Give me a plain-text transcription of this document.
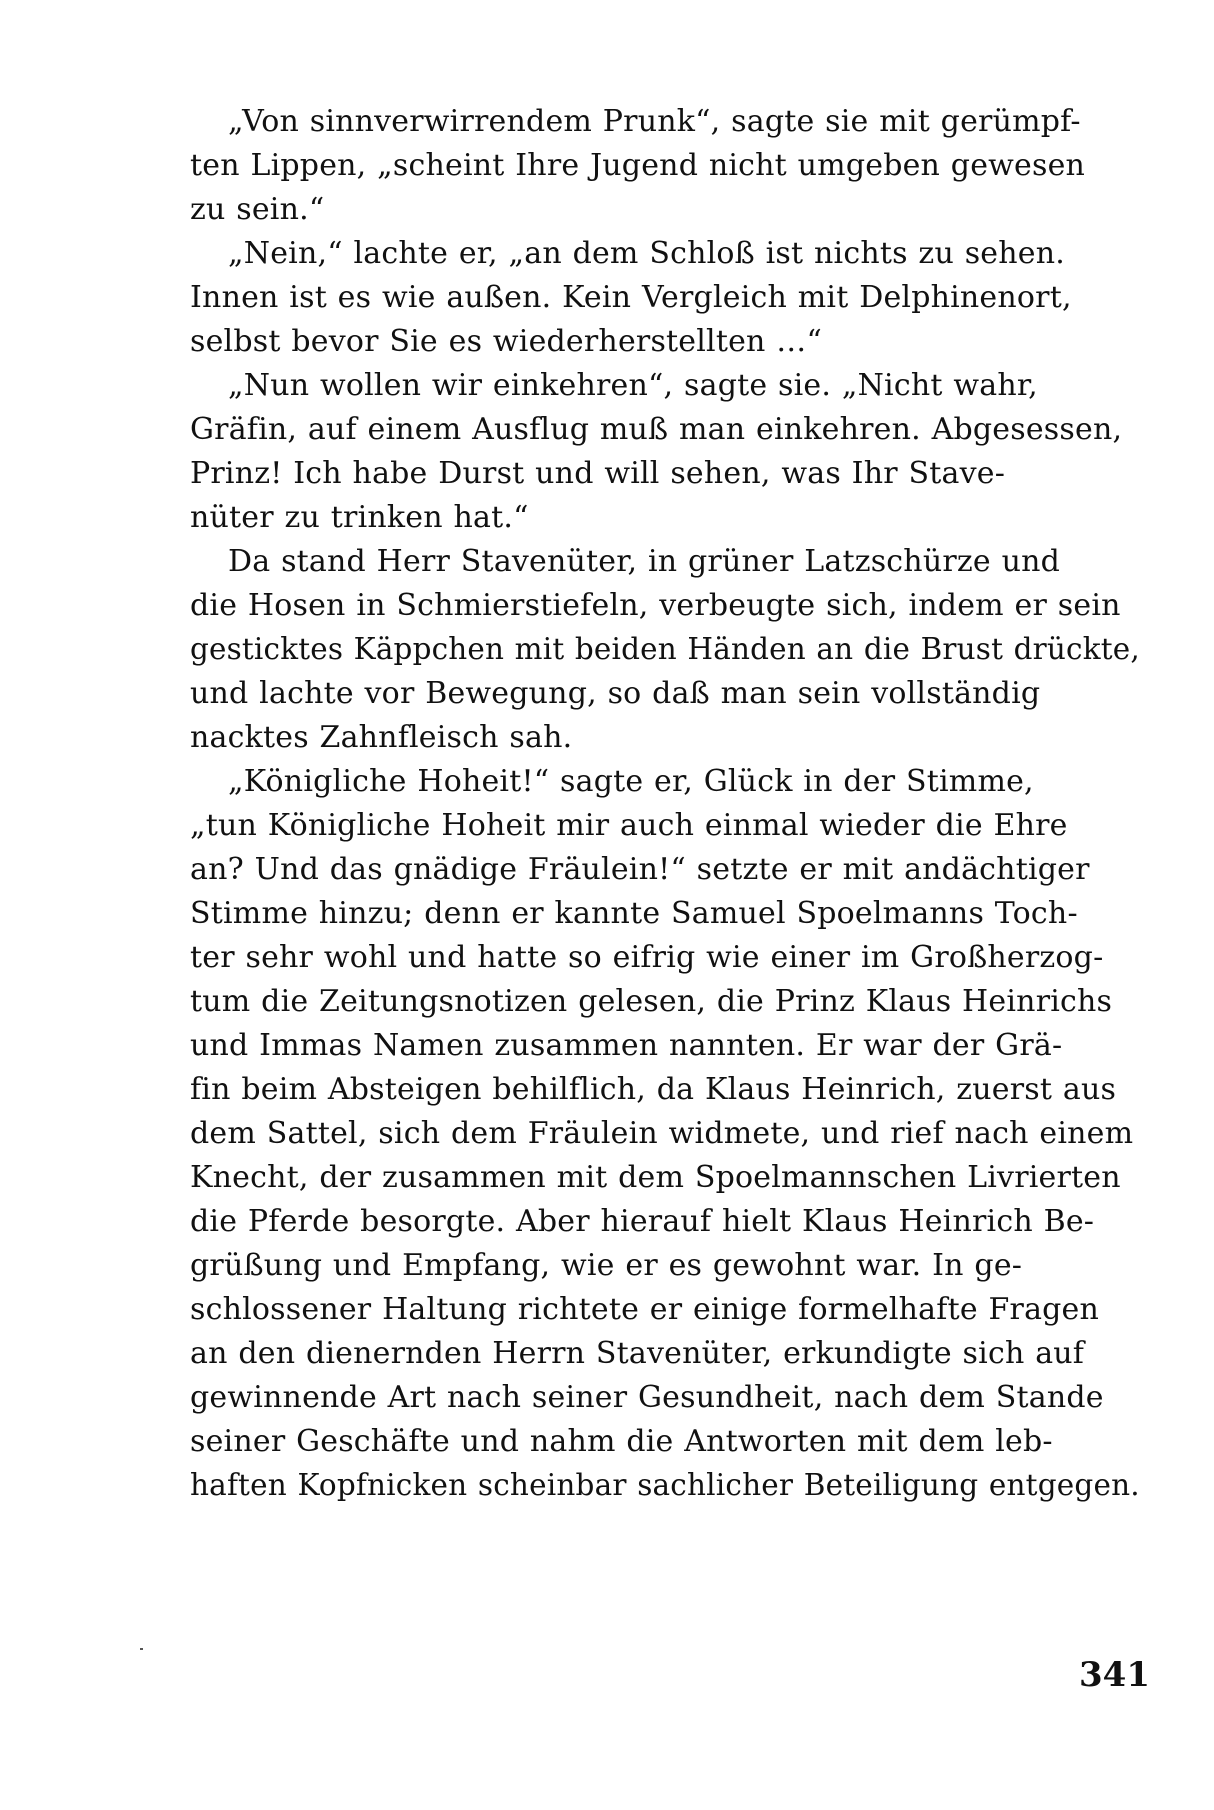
„Von sinnverwirrendem Prunk“, sagte sie mit gerümpf-
ten Lippen, „scheint Ihre Jugend nicht umgeben gewesen
zu sein.“
„Nein,“ lachte er, „an dem Schloß ist nichts zu sehen.
Innen ist es wie außen. Kein Vergleich mit Delphinenort,
selbst bevor Sie es wiederherstellten …“
„Nun wollen wir einkehren“, sagte sie. „Nicht wahr,
Gräfin, auf einem Ausflug muß man einkehren. Abgesessen,
Prinz! Ich habe Durst und will sehen, was Ihr Stave-
nüter zu trinken hat.“
Da stand Herr Stavenüter, in grüner Latzschürze und
die Hosen in Schmierstiefeln, verbeugte sich, indem er sein
gesticktes Käppchen mit beiden Händen an die Brust drückte,
und lachte vor Bewegung, so daß man sein vollständig
nacktes Zahnfleisch sah.
„Königliche Hoheit!“ sagte er, Glück in der Stimme,
„tun Königliche Hoheit mir auch einmal wieder die Ehre
an? Und das gnädige Fräulein!“ setzte er mit andächtiger
Stimme hinzu; denn er kannte Samuel Spoelmanns Toch-
ter sehr wohl und hatte so eifrig wie einer im Großherzog-
tum die Zeitungsnotizen gelesen, die Prinz Klaus Heinrichs
und Immas Namen zusammen nannten. Er war der Grä-
fin beim Absteigen behilflich, da Klaus Heinrich, zuerst aus
dem Sattel, sich dem Fräulein widmete, und rief nach einem
Knecht, der zusammen mit dem Spoelmannschen Livrierten
die Pferde besorgte. Aber hierauf hielt Klaus Heinrich Be-
grüßung und Empfang, wie er es gewohnt war. In ge-
schlossener Haltung richtete er einige formelhafte Fragen
an den dienernden Herrn Stavenüter, erkundigte sich auf
gewinnende Art nach seiner Gesundheit, nach dem Stande
seiner Geschäfte und nahm die Antworten mit dem leb-
haften Kopfnicken scheinbar sachlicher Beteiligung entgegen.
341
